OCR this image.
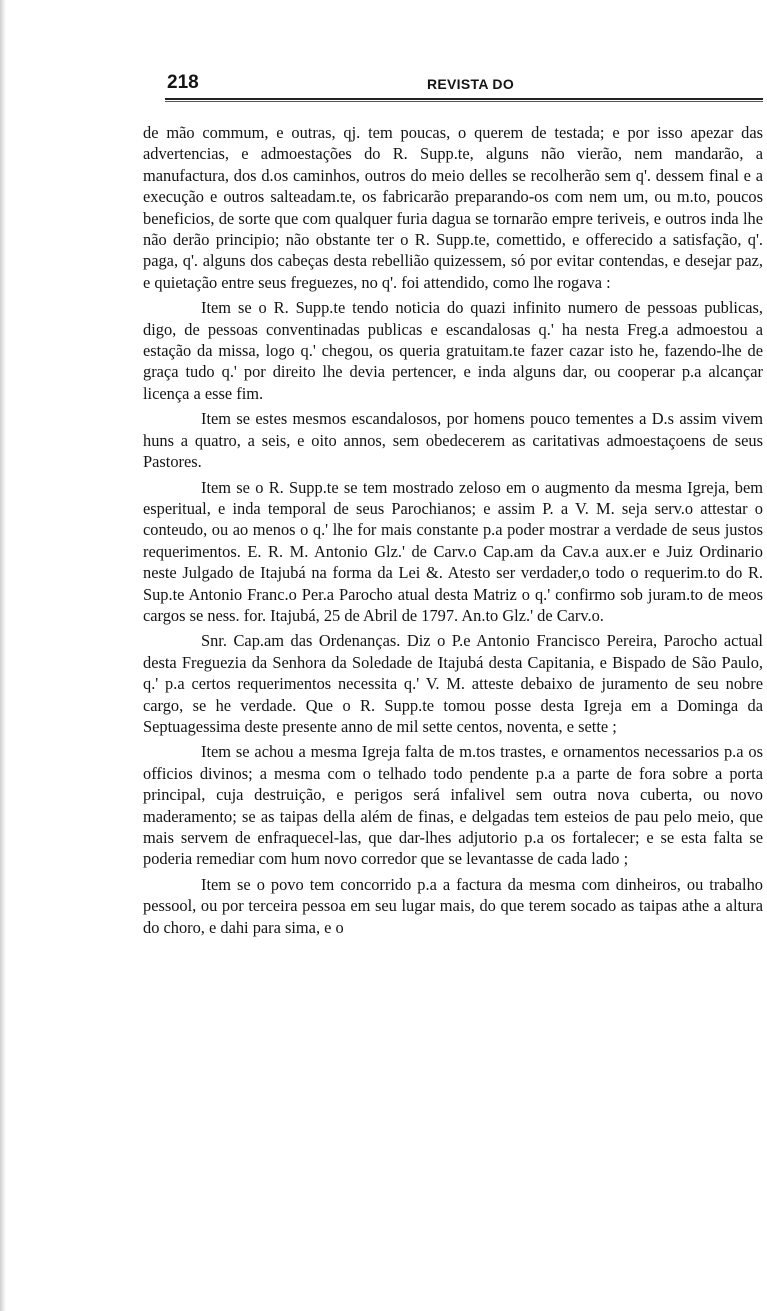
218	REVISTA DO

de mão commum, e outras, qj. tem poucas, o querem de testada; e por isso apezar das advertencias, e admoestações do R. Supp.te, alguns não vierão, nem mandarão, a manufactura, dos d.os caminhos, outros do meio delles se recolherão sem q'. dessem final e a execução e outros salteadam.te, os fabricarão preparando-os com nem um, ou m.to, poucos beneficios, de sorte que com qualquer furia dagua se tornarão empre teriveis, e outros inda lhe não derão principio; não obstante ter o R. Supp.te, comettido, e offerecido a satisfação, q'. paga, q'. alguns dos cabeças desta rebellião quizessem, só por evitar contendas, e desejar paz, e quietação entre seus freguezes, no q'. foi attendido, como lhe rogava :

Item se o R. Supp.te tendo noticia do quazi infinito numero de pessoas publicas, digo, de pessoas conventinadas publicas e escandalosas q.' ha nesta Freg.a admoestou a estação da missa, logo q.' chegou, os queria gratuitam.te fazer cazar isto he, fazendo-lhe de graça tudo q.' por direito lhe devia pertencer, e inda alguns dar, ou cooperar p.a alcançar licença a esse fim.

Item se estes mesmos escandalosos, por homens pouco tementes a D.s assim vivem huns a quatro, a seis, e oito annos, sem obedecerem as caritativas admoestaçoens de seus Pastores.

Item se o R. Supp.te se tem mostrado zeloso em o augmento da mesma Igreja, bem esperitual, e inda temporal de seus Parochianos; e assim P. a V. M. seja serv.o attestar o conteudo, ou ao menos o q.' lhe for mais constante p.a poder mostrar a verdade de seus justos requerimentos. E. R. M. Antonio Glz.' de Carv.o Cap.am da Cav.a aux.er e Juiz Ordinario neste Julgado de Itajubá na forma da Lei &. Atesto ser verdader,o todo o requerim.to do R. Sup.te Antonio Franc.o Per.a Parocho atual desta Matriz o q.' confirmo sob juram.to de meos cargos se ness. for. Itajubá, 25 de Abril de 1797. An.to Glz.' de Carv.o.

Snr. Cap.am das Ordenanças. Diz o P.e Antonio Francisco Pereira, Parocho actual desta Freguezia da Senhora da Soledade de Itajubá desta Capitania, e Bispado de São Paulo, q.' p.a certos requerimentos necessita q.' V. M. atteste debaixo de juramento de seu nobre cargo, se he verdade. Que o R. Supp.te tomou posse desta Igreja em a Dominga da Septuagessima deste presente anno de mil sette centos, noventa, e sette ;

Item se achou a mesma Igreja falta de m.tos trastes, e ornamentos necessarios p.a os officios divinos; a mesma com o telhado todo pendente p.a a parte de fora sobre a porta principal, cuja destruição, e perigos será infalivel sem outra nova cuberta, ou novo maderamento; se as taipas della além de finas, e delgadas tem esteios de pau pelo meio, que mais servem de enfraquecel-las, que dar-lhes adjutorio p.a os fortalecer; e se esta falta se poderia remediar com hum novo corredor que se levantasse de cada lado ;

Item se o povo tem concorrido p.a a factura da mesma com dinheiros, ou trabalho pessool, ou por terceira pessoa em seu lugar mais, do que terem socado as taipas athe a altura do choro, e dahi para sima, e o
